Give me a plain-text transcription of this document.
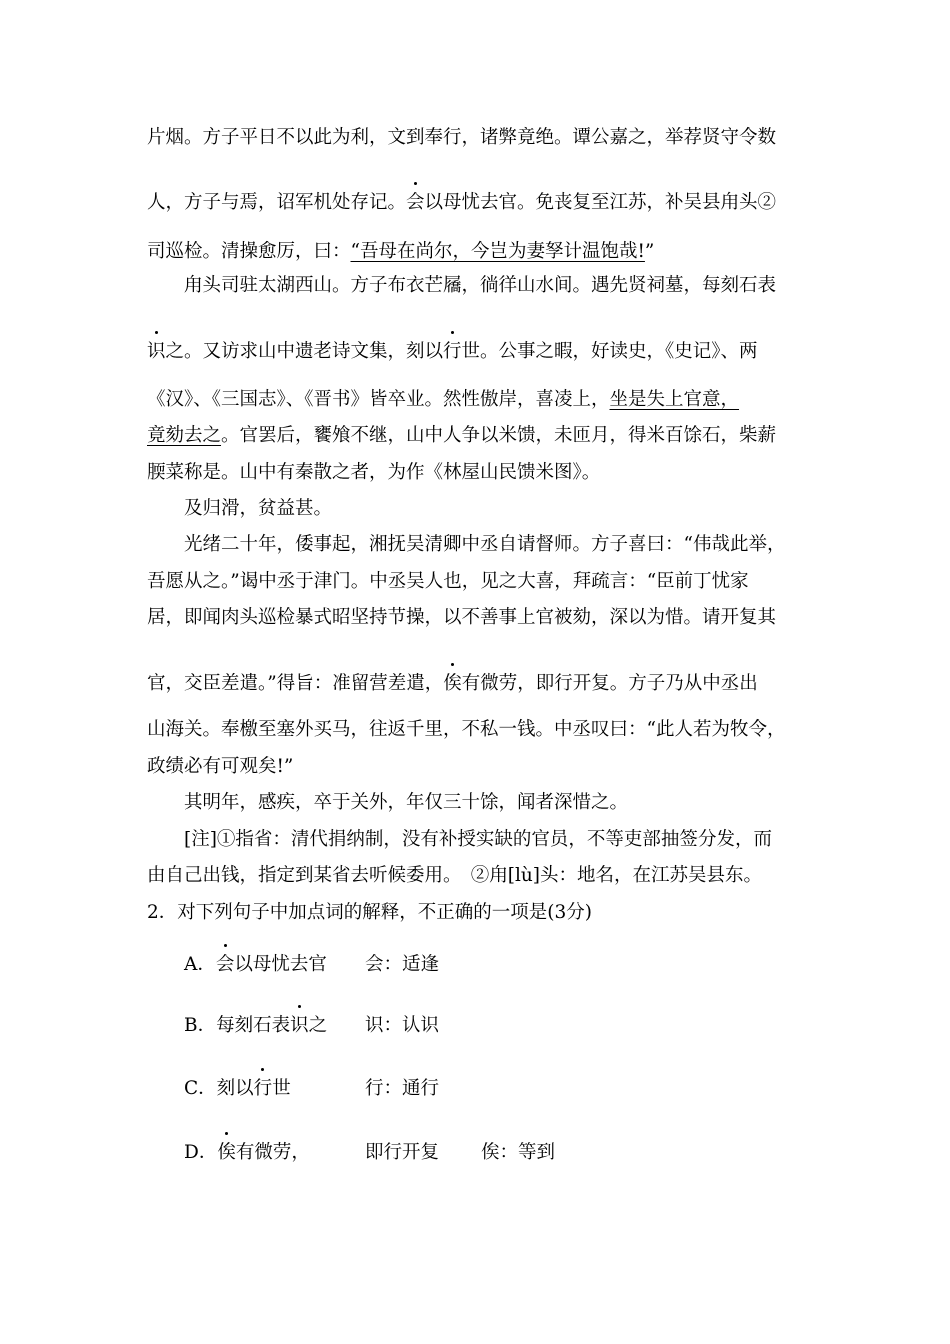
片烟。方子平日不以此为利，文到奉行，诸弊竟绝。谭公嘉之，举荐贤守令数
人，方子与焉，诏军机处存记。会以母忧去官。免丧复至江苏，补吴县甪头②
司巡检。清操愈厉，曰：“吾母在尚尔，今岂为妻孥计温饱哉!”
甪头司驻太湖西山。方子布衣芒屩，徜徉山水间。遇先贤祠墓，每刻石表
识之。又访求山中遗老诗文集，刻以行世。公事之暇，好读史，《史记》、两
《汉》、《三国志》、《晋书》皆卒业。然性傲岸，喜凌上，坐是失上官意，
竟劾去之。官罢后，饔飧不继，山中人争以米馈，未匝月，得米百馀石，柴薪
腝菜称是。山中有秦散之者，为作《林屋山民馈米图》。
及归滑，贫益甚。
光绪二十年，倭事起，湘抚吴清卿中丞自请督师。方子喜曰：“伟哉此举，
吾愿从之。”谒中丞于津门。中丞吴人也，见之大喜，拜疏言：“臣前丁忧家
居，即闻肉头巡检暴式昭坚持节操，以不善事上官被劾，深以为惜。请开复其
官，交臣差遣。”得旨：准留营差遣，俟有微劳，即行开复。方子乃从中丞出
山海关。奉檄至塞外买马，往返千里，不私一钱。中丞叹曰：“此人若为牧令，
政绩必有可观矣!”
其明年，感疾，卒于关外，年仅三十馀，闻者深惜之。
[注]①指省：清代捐纳制，没有补授实缺的官员，不等吏部抽签分发，而
由自己出钱，指定到某省去听候委用。　②甪[lù]头：地名，在江苏吴县东。
2．对下列句子中加点词的解释，不正确的一项是(3分)
A．会以母忧去官 会：适逢
B．每刻石表识之 识：认识
C．刻以行世	行：通行
D．俟有微劳，	即行开复 俟：等到
